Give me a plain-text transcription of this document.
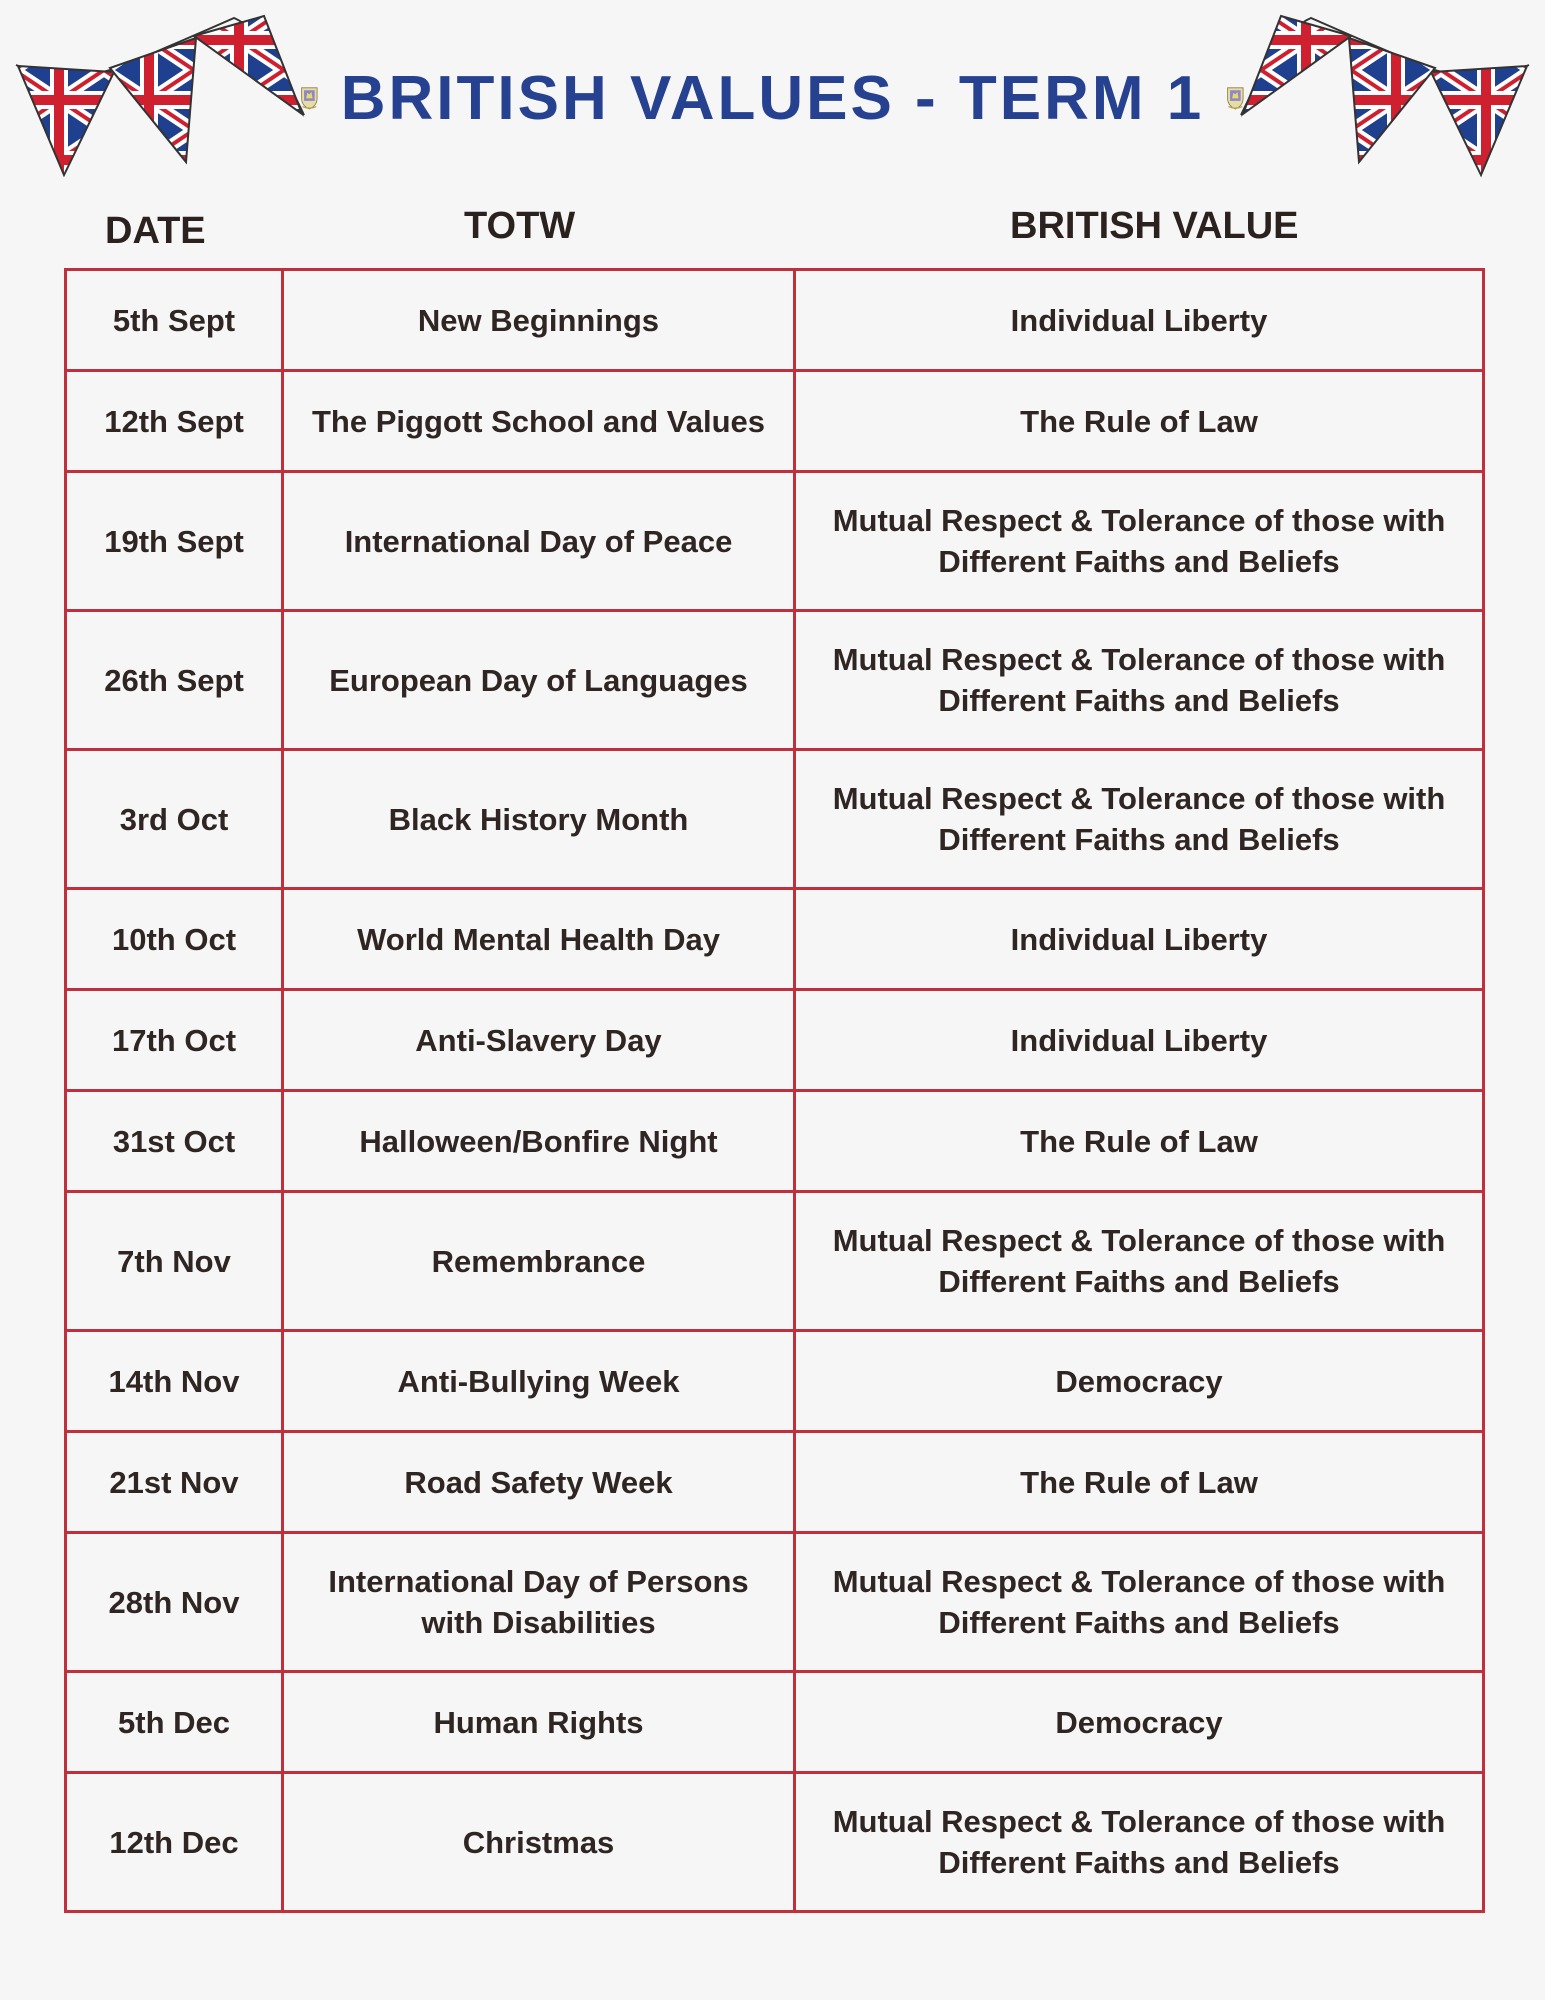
BRITISH VALUES - TERM 1
DATE	TOTW	BRITISH VALUE
5th Sept	New Beginnings	Individual Liberty
12th Sept	The Piggott School and Values	The Rule of Law
19th Sept	International Day of Peace	Mutual Respect & Tolerance of those with Different Faiths and Beliefs
26th Sept	European Day of Languages	Mutual Respect & Tolerance of those with Different Faiths and Beliefs
3rd Oct	Black History Month	Mutual Respect & Tolerance of those with Different Faiths and Beliefs
10th Oct	World Mental Health Day	Individual Liberty
17th Oct	Anti-Slavery Day	Individual Liberty
31st Oct	Halloween/Bonfire Night	The Rule of Law
7th Nov	Remembrance	Mutual Respect & Tolerance of those with Different Faiths and Beliefs
14th Nov	Anti-Bullying Week	Democracy
21st Nov	Road Safety Week	The Rule of Law
28th Nov	International Day of Persons with Disabilities	Mutual Respect & Tolerance of those with Different Faiths and Beliefs
5th Dec	Human Rights	Democracy
12th Dec	Christmas	Mutual Respect & Tolerance of those with Different Faiths and Beliefs
